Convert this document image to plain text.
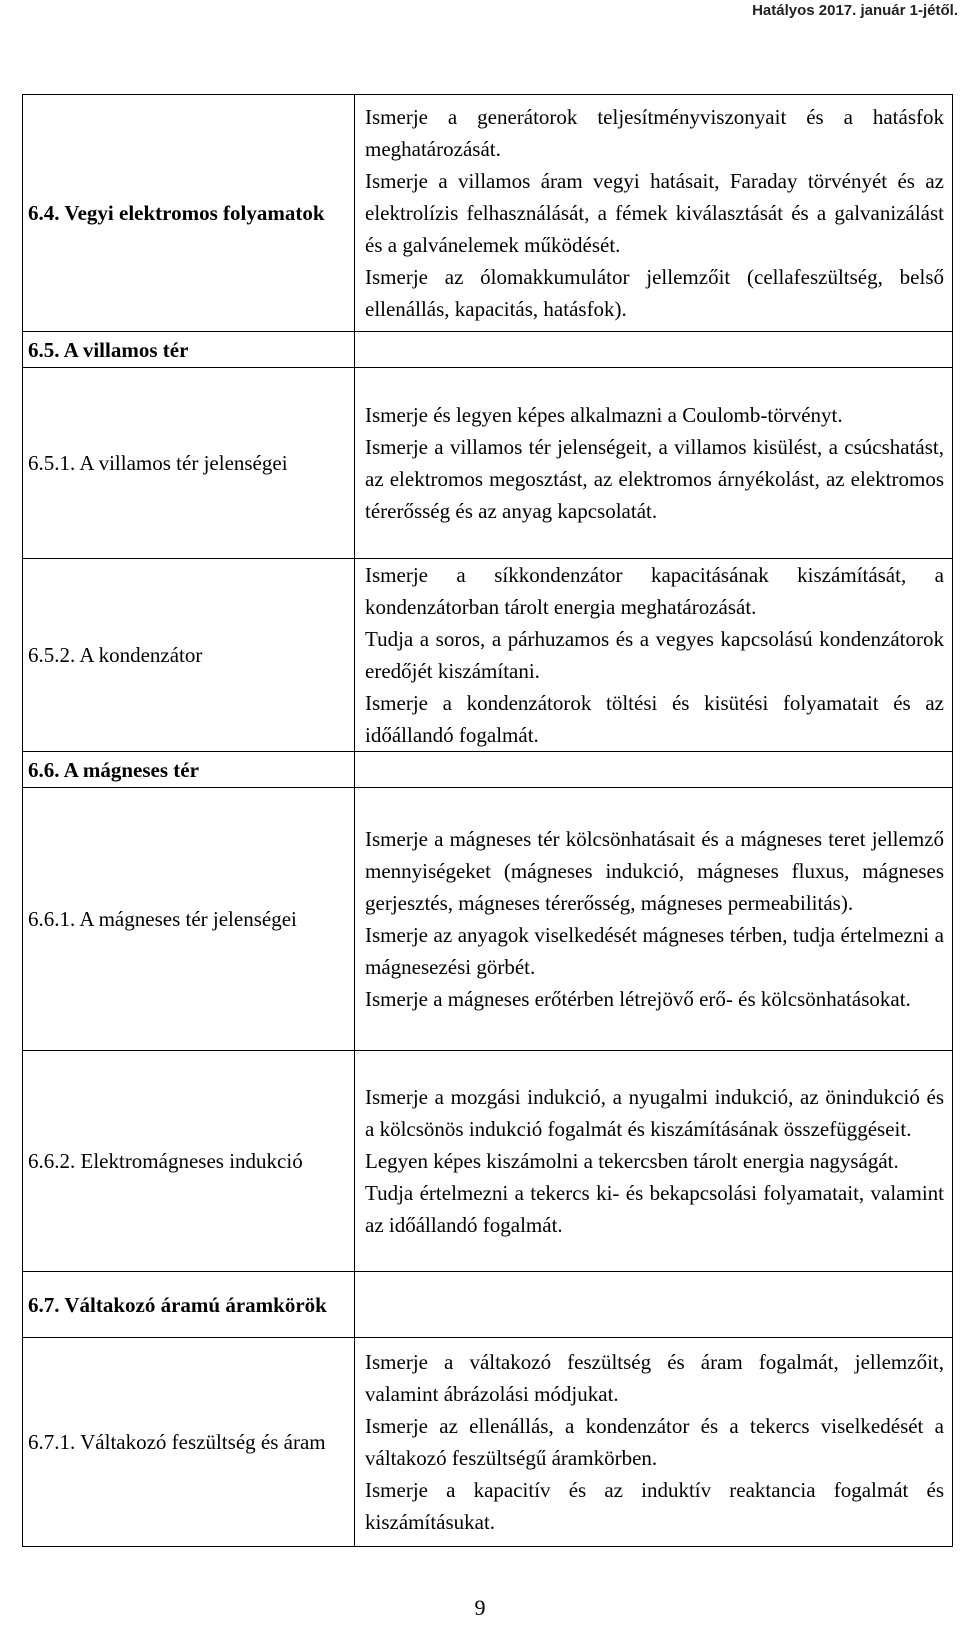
Hatályos 2017. január 1-jétől.
6.4. Vegyi elektromos folyamatok	Ismerje a generátorok teljesítményviszonyait és a hatásfok meghatározását.
Ismerje a villamos áram vegyi hatásait, Faraday törvényét és az elektrolízis felhasználását, a fémek kiválasztását és a galvanizálást és a galvánelemek működését.
Ismerje az ólomakkumulátor jellemzőit (cellafeszültség, belső ellenállás, kapacitás, hatásfok).

6.5. A villamos tér	
6.5.1. A villamos tér jelenségei	Ismerje és legyen képes alkalmazni a Coulomb-törvényt.
Ismerje a villamos tér jelenségeit, a villamos kisülést, a csúcshatást, az elektromos megosztást, az elektromos árnyékolást, az elektromos térerősség és az anyag kapcsolatát.

6.5.2. A kondenzátor	Ismerje a síkkondenzátor kapacitásának kiszámítását, a kondenzátorban tárolt energia meghatározását.
Tudja a soros, a párhuzamos és a vegyes kapcsolású kondenzátorok eredőjét kiszámítani.
Ismerje a kondenzátorok töltési és kisütési folyamatait és az időállandó fogalmát.

6.6. A mágneses tér	
6.6.1. A mágneses tér jelenségei	Ismerje a mágneses tér kölcsönhatásait és a mágneses teret jellemző mennyiségeket (mágneses indukció, mágneses fluxus, mágneses gerjesztés, mágneses térerősség, mágneses permeabilitás).
Ismerje az anyagok viselkedését mágneses térben, tudja értelmezni a mágnesezési görbét.
Ismerje a mágneses erőtérben létrejövő erő- és kölcsönhatásokat.

6.6.2. Elektromágneses indukció	Ismerje a mozgási indukció, a nyugalmi indukció, az önindukció és a kölcsönös indukció fogalmát és kiszámításának összefüggéseit.
Legyen képes kiszámolni a tekercsben tárolt energia nagyságát.
Tudja értelmezni a tekercs ki- és bekapcsolási folyamatait, valamint az időállandó fogalmát.

6.7. Váltakozó áramú áramkörök	
6.7.1. Váltakozó feszültség és áram	Ismerje a váltakozó feszültség és áram fogalmát, jellemzőit, valamint ábrázolási módjukat.
Ismerje az ellenállás, a kondenzátor és a tekercs viselkedését a váltakozó feszültségű áramkörben.
Ismerje a kapacitív és az induktív reaktancia fogalmát és kiszámításukat.
9
